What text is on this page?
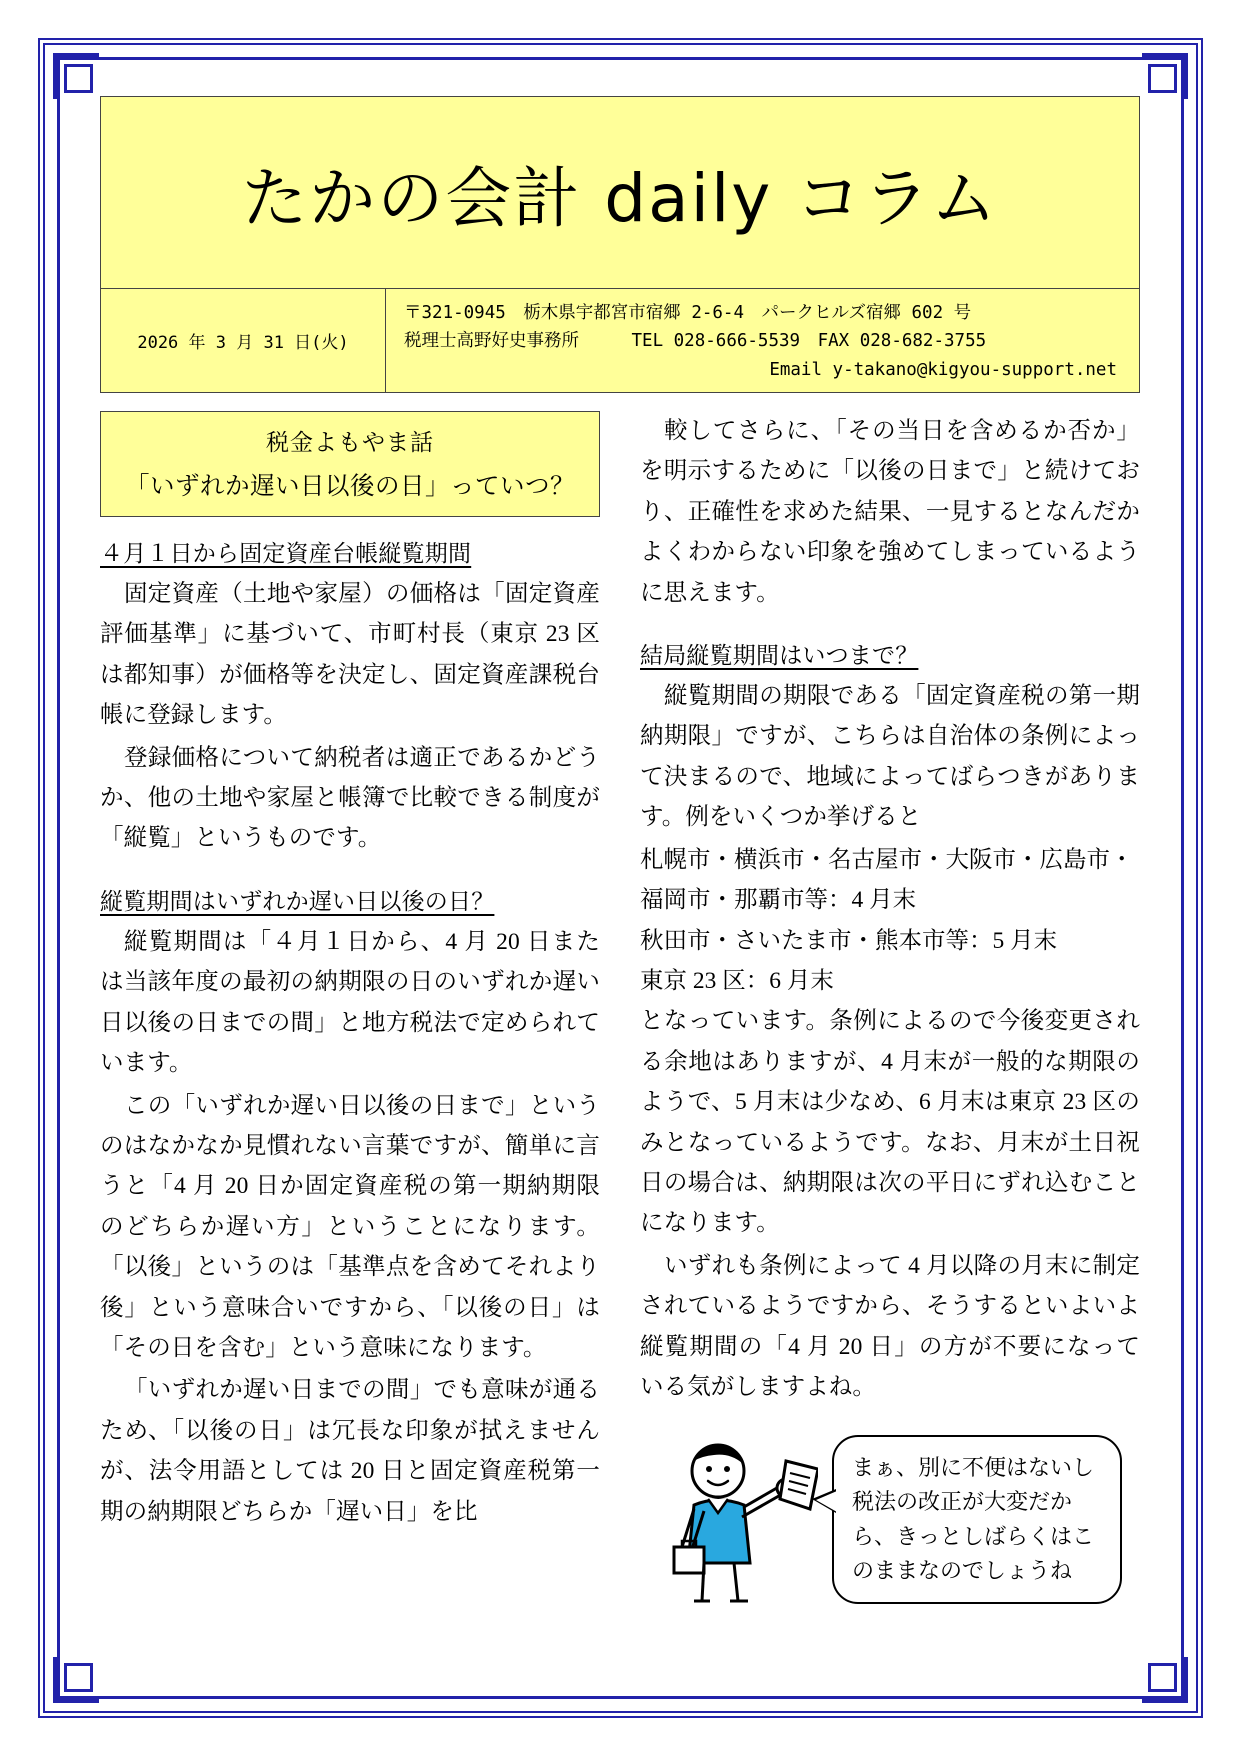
たかの会計 daily コラム
2026 年 3 月 31 日(火)
〒321-0945　栃木県宇都宮市宿郷 2-6-4　パークヒルズ宿郷 602 号
税理士高野好史事務所　　　TEL 028-666-5539　FAX 028-682-3755
Email y-takano@kigyou-support.net
税金よもやま話
「いずれか遅い日以後の日」っていつ？
４月１日から固定資産台帳縦覧期間

固定資産（土地や家屋）の価格は「固定資産評価基準」に基づいて、市町村長（東京 23 区は都知事）が価格等を決定し、固定資産課税台帳に登録します。

登録価格について納税者は適正であるかどうか、他の土地や家屋と帳簿で比較できる制度が「縦覧」というものです。

縦覧期間はいずれか遅い日以後の日？

縦覧期間は「４月１日から、4 月 20 日または当該年度の最初の納期限の日のいずれか遅い日以後の日までの間」と地方税法で定められています。

この「いずれか遅い日以後の日まで」というのはなかなか見慣れない言葉ですが、簡単に言うと「4 月 20 日か固定資産税の第一期納期限のどちらか遅い方」ということになります。「以後」というのは「基準点を含めてそれより後」という意味合いですから、「以後の日」は「その日を含む」という意味になります。

「いずれか遅い日までの間」でも意味が通るため、「以後の日」は冗長な印象が拭えませんが、法令用語としては 20 日と固定資産税第一期の納期限どちらか「遅い日」を比

較してさらに、「その当日を含めるか否か」を明示するために「以後の日まで」と続けており、正確性を求めた結果、一見するとなんだかよくわからない印象を強めてしまっているように思えます。

結局縦覧期間はいつまで？

縦覧期間の期限である「固定資産税の第一期納期限」ですが、こちらは自治体の条例によって決まるので、地域によってばらつきがあります。例をいくつか挙げると

札幌市・横浜市・名古屋市・大阪市・広島市・
福岡市・那覇市等：4 月末
秋田市・さいたま市・熊本市等：5 月末
東京 23 区：6 月末

となっています。条例によるので今後変更される余地はありますが、4 月末が一般的な期限のようで、5 月末は少なめ、6 月末は東京 23 区のみとなっているようです。なお、月末が土日祝日の場合は、納期限は次の平日にずれ込むことになります。

いずれも条例によって 4 月以降の月末に制定されているようですから、そうするといよいよ縦覧期間の「4 月 20 日」の方が不要になっている気がしますよね。

まぁ、別に不便はないし税法の改正が大変だから、きっとしばらくはこのままなのでしょうね
